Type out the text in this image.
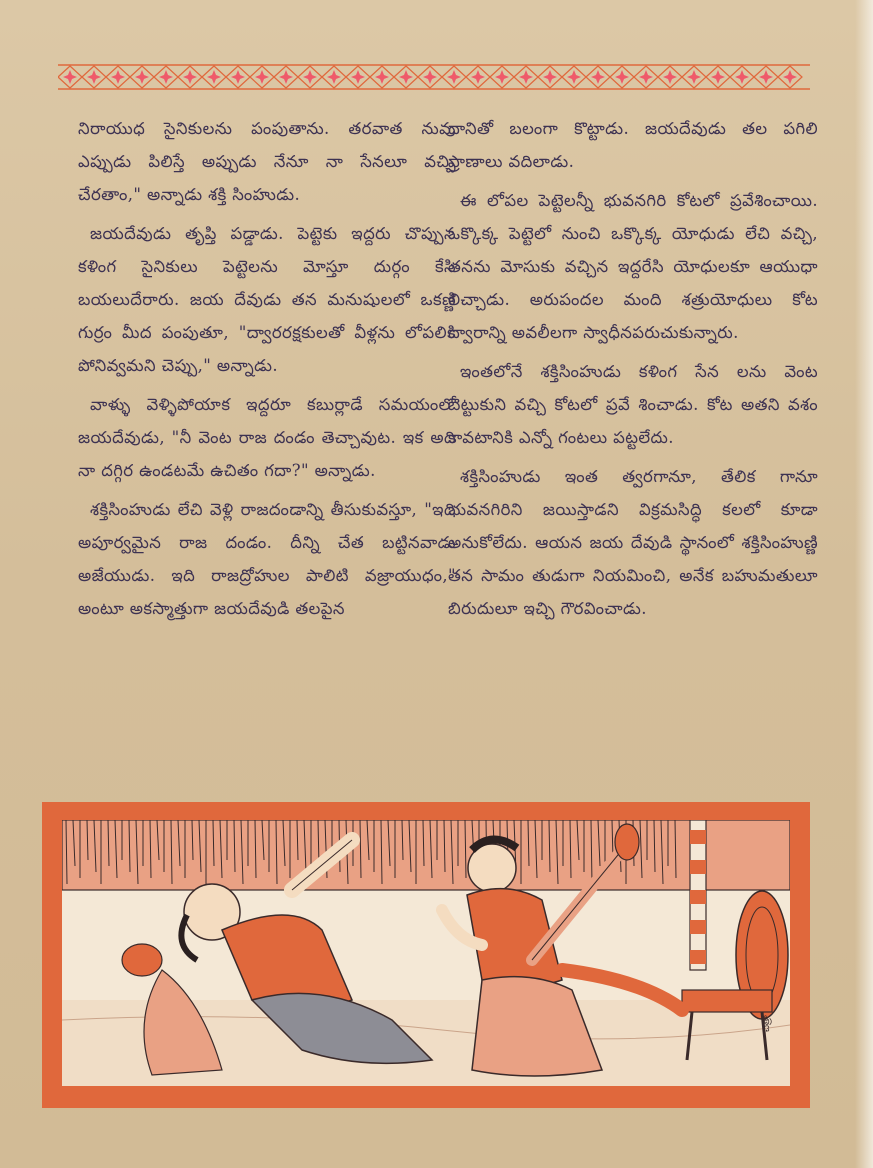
నిరాయుధ సైనికులను పంపుతాను. తరవాత నువు ఎప్పుడు పిలిస్తే అప్పుడు నేనూ నా సేనలూ వచ్చి చేరతాం," అన్నాడు శక్తి సింహుడు.

జయదేవుడు తృప్తి పడ్డాడు. పెట్టెకు ఇద్దరు చొప్పున కళింగ సైనికులు పెట్టెలను మోస్తూ దుర్గం కేసి బయలుదేరారు. జయ దేవుడు తన మనుషులలో ఒకణ్ణి గుర్రం మీద పంపుతూ, "ద్వారరక్షకులతో వీళ్లను లోపలికి పోనివ్వమని చెప్పు," అన్నాడు.

వాళ్ళు వెళ్ళిపోయాక ఇద్దరూ కబుర్లాడే సమయంలో జయదేవుడు, "నీ వెంట రాజ దండం తెచ్చావుట. ఇక అది నా దగ్గిర ఉండటమే ఉచితం గదా?" అన్నాడు.

శక్తిసింహుడు లేచి వెళ్లి రాజదండాన్ని తీసుకువస్తూ, "ఇది అపూర్వమైన రాజ దండం. దీన్ని చేత బట్టినవాడు అజేయుడు. ఇది రాజద్రోహుల పాలిటి వజ్రాయుధం," అంటూ అకస్మాత్తుగా జయదేవుడి తలపైన

దానితో బలంగా కొట్టాడు. జయదేవుడు తల పగిలి ప్రాణాలు వదిలాడు.

ఈ లోపల పెట్టెలన్నీ భువనగిరి కోటలో ప్రవేశించాయి. ఒక్కొక్క పెట్టెలో నుంచి ఒక్కొక్క యోధుడు లేచి వచ్చి, తనను మోసుకు వచ్చిన ఇద్దరేసి యోధులకూ ఆయుధా లిచ్చాడు. అరుపందల మంది శత్రుయోధులు కోట ద్వారాన్ని అవలీలగా స్వాధీనపరుచుకున్నారు.

ఇంతలోనే శక్తిసింహుడు కళింగ సేన లను వెంట బెట్టుకుని వచ్చి కోటలో ప్రవే శించాడు. కోట అతని వశం కావటానికి ఎన్నో గంటలు పట్టలేదు.

శక్తిసింహుడు ఇంత త్వరగానూ, తేలిక గానూ భువనగిరిని జయిస్తాడని విక్రమసిద్ధి కలలో కూడా అనుకోలేదు. ఆయన జయ దేవుడి స్థానంలో శక్తిసింహుణ్ణి తన సామం తుడుగా నియమించి, అనేక బహుమతులూ బిరుదులూ ఇచ్చి గౌరవించాడు.

చిత్రా
